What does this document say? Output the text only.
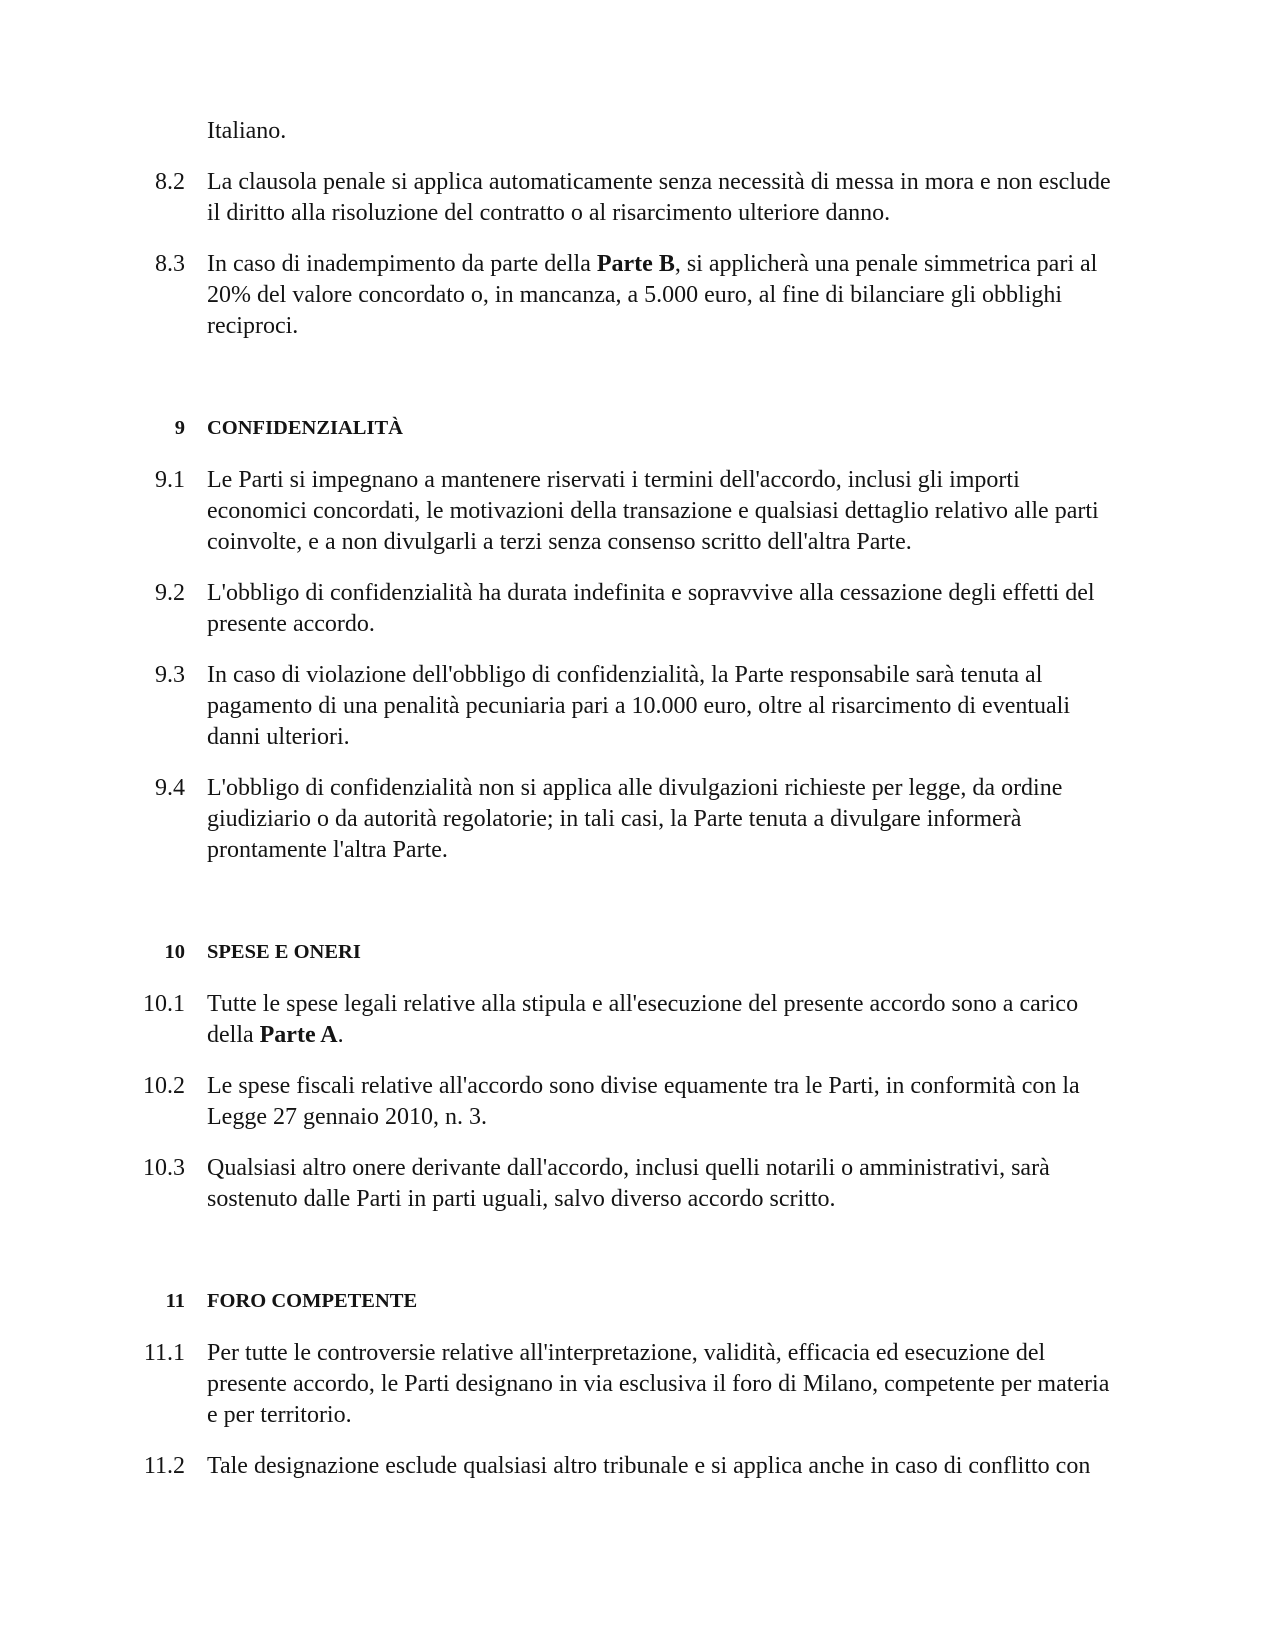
Italiano.
8.2 La clausola penale si applica automaticamente senza necessità di messa in mora e non esclude il diritto alla risoluzione del contratto o al risarcimento ulteriore danno.
8.3 In caso di inadempimento da parte della Parte B, si applicherà una penale simmetrica pari al 20% del valore concordato o, in mancanza, a 5.000 euro, al fine di bilanciare gli obblighi reciproci.
9 CONFIDENZIALITÀ
9.1 Le Parti si impegnano a mantenere riservati i termini dell'accordo, inclusi gli importi economici concordati, le motivazioni della transazione e qualsiasi dettaglio relativo alle parti coinvolte, e a non divulgarli a terzi senza consenso scritto dell'altra Parte.
9.2 L'obbligo di confidenzialità ha durata indefinita e sopravvive alla cessazione degli effetti del presente accordo.
9.3 In caso di violazione dell'obbligo di confidenzialità, la Parte responsabile sarà tenuta al pagamento di una penalità pecuniaria pari a 10.000 euro, oltre al risarcimento di eventuali danni ulteriori.
9.4 L'obbligo di confidenzialità non si applica alle divulgazioni richieste per legge, da ordine giudiziario o da autorità regolatorie; in tali casi, la Parte tenuta a divulgare informerà prontamente l'altra Parte.
10 SPESE E ONERI
10.1 Tutte le spese legali relative alla stipula e all'esecuzione del presente accordo sono a carico della Parte A.
10.2 Le spese fiscali relative all'accordo sono divise equamente tra le Parti, in conformità con la Legge 27 gennaio 2010, n. 3.
10.3 Qualsiasi altro onere derivante dall'accordo, inclusi quelli notarili o amministrativi, sarà sostenuto dalle Parti in parti uguali, salvo diverso accordo scritto.
11 FORO COMPETENTE
11.1 Per tutte le controversie relative all'interpretazione, validità, efficacia ed esecuzione del presente accordo, le Parti designano in via esclusiva il foro di Milano, competente per materia e per territorio.
11.2 Tale designazione esclude qualsiasi altro tribunale e si applica anche in caso di conflitto con
